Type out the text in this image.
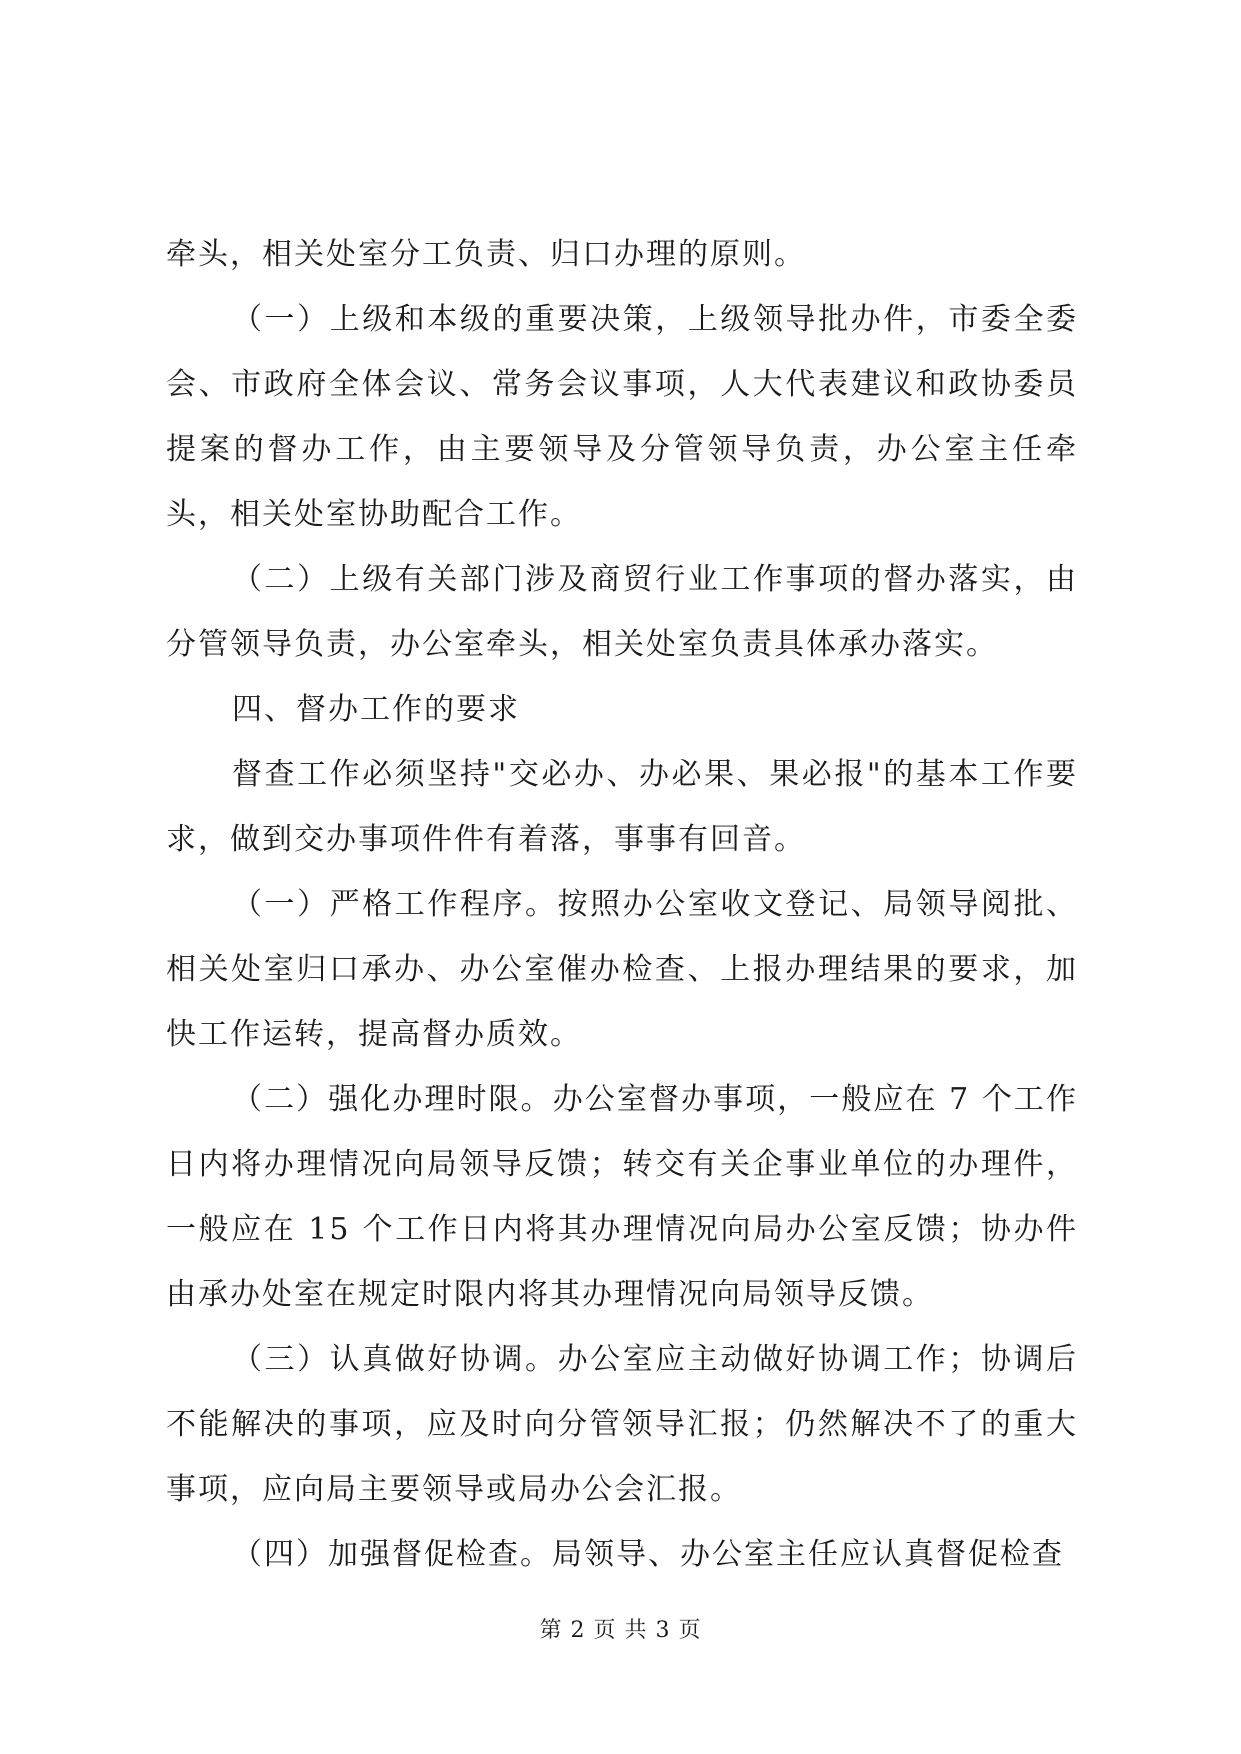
牵头，相关处室分工负责、归口办理的原则。

（一）上级和本级的重要决策，上级领导批办件，市委全委会、市政府全体会议、常务会议事项，人大代表建议和政协委员提案的督办工作，由主要领导及分管领导负责，办公室主任牵头，相关处室协助配合工作。

（二）上级有关部门涉及商贸行业工作事项的督办落实，由分管领导负责，办公室牵头，相关处室负责具体承办落实。

四、督办工作的要求

督查工作必须坚持"交必办、办必果、果必报"的基本工作要求，做到交办事项件件有着落，事事有回音。

（一）严格工作程序。按照办公室收文登记、局领导阅批、相关处室归口承办、办公室催办检查、上报办理结果的要求，加快工作运转，提高督办质效。

（二）强化办理时限。办公室督办事项，一般应在 7 个工作日内将办理情况向局领导反馈；转交有关企事业单位的办理件，一般应在 15 个工作日内将其办理情况向局办公室反馈；协办件由承办处室在规定时限内将其办理情况向局领导反馈。

（三）认真做好协调。办公室应主动做好协调工作；协调后不能解决的事项，应及时向分管领导汇报；仍然解决不了的重大事项，应向局主要领导或局办公会汇报。

（四）加强督促检查。局领导、办公室主任应认真督促检查

第 2 页 共 3 页
